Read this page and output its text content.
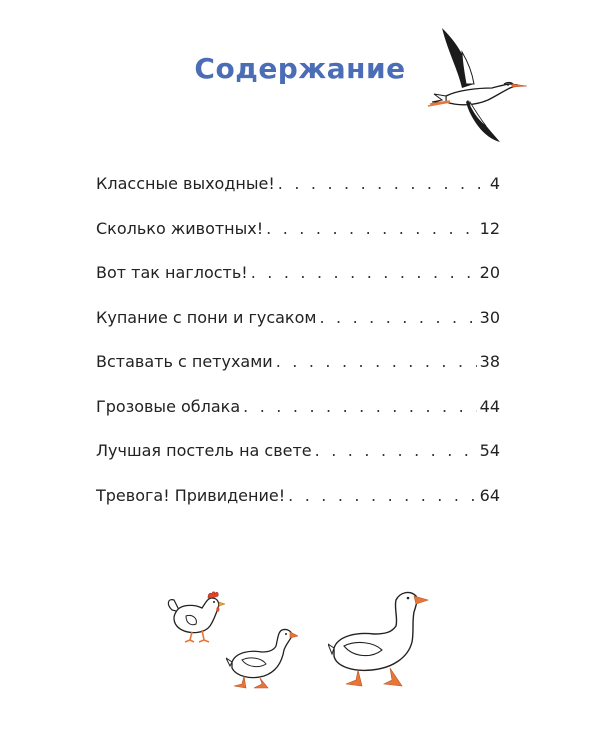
Содержание
Классные выходные! . . .	4
Сколько животных! . . .	12
Вот так наглость! . . .	20
Купание с пони и гусаком . . .	30
Вставать с петухами . . .	38
Грозовые облака . . .	44
Лучшая постель на свете . . .	54
Тревога! Привидение! . . .	64
